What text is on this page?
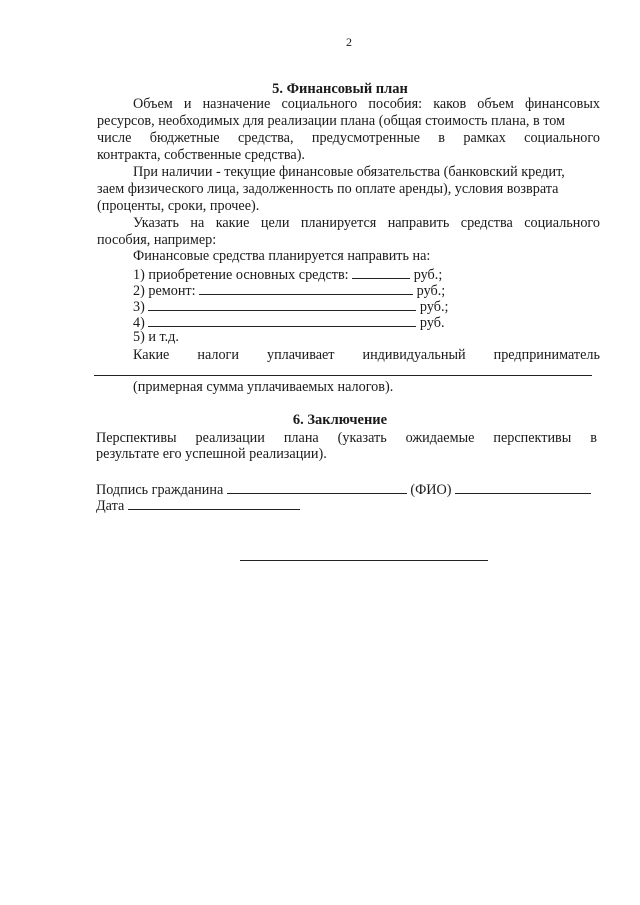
2
5. Финансовый план
Объем и назначение социального пособия: каков объем финансовых
ресурсов, необходимых для реализации плана (общая стоимость плана, в том
числе бюджетные средства, предусмотренные в рамках социального
контракта, собственные средства).
При наличии - текущие финансовые обязательства (банковский кредит,
заем физического лица, задолженность по оплате аренды), условия возврата
(проценты, сроки, прочее).
Указать на какие цели планируется направить средства социального
пособия, например:
Финансовые средства планируется направить на:
1) приобретение основных средств:	руб.;
2) ремонт:	руб.;
3)	руб.;
4)	руб.
5) и т.д.
Какие налоги уплачивает индивидуальный предприниматель
(примерная сумма уплачиваемых налогов).
6. Заключение
Перспективы реализации плана (указать ожидаемые перспективы в
результате его успешной реализации).
Подпись гражданина	(ФИО)
Дата
